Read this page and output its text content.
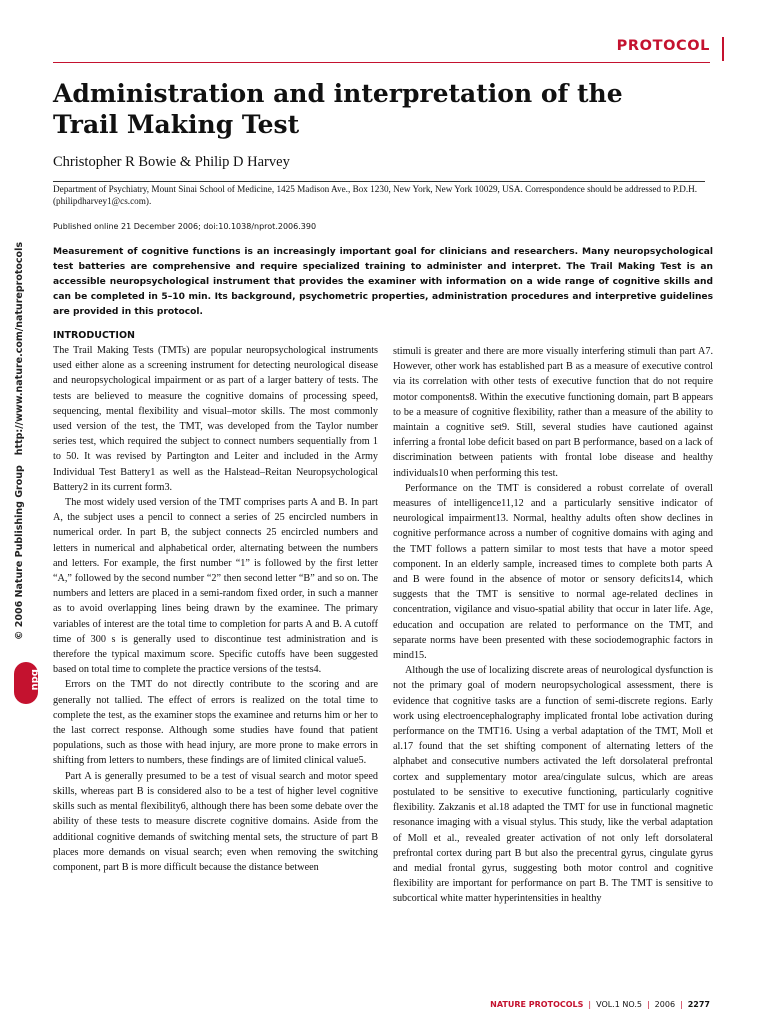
PROTOCOL
Administration and interpretation of the Trail Making Test
Christopher R Bowie & Philip D Harvey
Department of Psychiatry, Mount Sinai School of Medicine, 1425 Madison Ave., Box 1230, New York, New York 10029, USA. Correspondence should be addressed to P.D.H. (philipdharvey1@cs.com).
Published online 21 December 2006; doi:10.1038/nprot.2006.390
Measurement of cognitive functions is an increasingly important goal for clinicians and researchers. Many neuropsychological test batteries are comprehensive and require specialized training to administer and interpret. The Trail Making Test is an accessible neuropsychological instrument that provides the examiner with information on a wide range of cognitive skills and can be completed in 5–10 min. Its background, psychometric properties, administration procedures and interpretive guidelines are provided in this protocol.
© 2006 Nature Publishing Group   http://www.nature.com/natureprotocols
npg
INTRODUCTION

The Trail Making Tests (TMTs) are popular neuropsychological instruments used either alone as a screening instrument for detecting neurological disease and neuropsychological impairment or as part of a larger battery of tests. The tests are believed to measure the cognitive domains of processing speed, sequencing, mental flexibility and visual–motor skills. The most commonly used version of the test, the TMT, was developed from the Taylor number series test, which required the subject to connect numbers sequentially from 1 to 50. It was revised by Partington and Leiter and included in the Army Individual Test Battery1 as well as the Halstead–Reitan Neuropsychological Battery2 in its current form3.

The most widely used version of the TMT comprises parts A and B. In part A, the subject uses a pencil to connect a series of 25 encircled numbers in numerical order. In part B, the subject connects 25 encircled numbers and letters in numerical and alphabetical order, alternating between the numbers and letters. For example, the first number “1” is followed by the first letter “A,” followed by the second number “2” then second letter “B” and so on. The numbers and letters are placed in a semi-random fixed order, in such a manner as to avoid overlapping lines being drawn by the examinee. The primary variables of interest are the total time to completion for parts A and B. A cutoff time of 300 s is generally used to discontinue test administration and is therefore the typical maximum score. Specific cutoffs have been suggested based on total time to complete the practice versions of the tests4.

Errors on the TMT do not directly contribute to the scoring and are generally not tallied. The effect of errors is realized on the total time to complete the test, as the examiner stops the examinee and returns him or her to the last correct response. Although some studies have found that patient populations, such as those with head injury, are more prone to make errors in shifting from letters to numbers, these findings are of limited clinical value5.

Part A is generally presumed to be a test of visual search and motor speed skills, whereas part B is considered also to be a test of higher level cognitive skills such as mental flexibility6, although there has been some debate over the ability of these tests to measure discrete cognitive domains. Aside from the additional cognitive demands of switching mental sets, the structure of part B places more demands on visual search; even when removing the switching component, part B is more difficult because the distance between

stimuli is greater and there are more visually interfering stimuli than part A7. However, other work has established part B as a measure of executive control via its correlation with other tests of executive function that do not require motor components8. Within the executive functioning domain, part B appears to be a measure of cognitive flexibility, rather than a measure of the ability to maintain a cognitive set9. Still, several studies have cautioned against inferring a frontal lobe deficit based on part B performance, based on a lack of discrimination between patients with frontal lobe disease and healthy individuals10 when performing this test.

Performance on the TMT is considered a robust correlate of overall measures of intelligence11,12 and a particularly sensitive indicator of neurological impairment13. Normal, healthy adults often show declines in cognitive performance across a number of cognitive domains with aging and the TMT follows a pattern similar to most tests that have a motor speed component. In an elderly sample, increased times to complete both parts A and B were found in the absence of motor or sensory deficits14, which suggests that the TMT is sensitive to normal age-related declines in concentration, vigilance and visuo-spatial ability that occur in later life. Age, education and occupation are related to performance on the TMT, and separate norms have been presented with these sociodemographic factors in mind15.

Although the use of localizing discrete areas of neurological dysfunction is not the primary goal of modern neuropsychological assessment, there is evidence that cognitive tasks are a function of semi-discrete regions. Early work using electroencephalography implicated frontal lobe activation during performance on the TMT16. Using a verbal adaptation of the TMT, Moll et al.17 found that the set shifting component of alternating letters of the alphabet and consecutive numbers activated the left dorsolateral prefrontal cortex and supplementary motor area/cingulate sulcus, which are areas postulated to be sensitive to executive functioning, particularly cognitive flexibility. Zakzanis et al.18 adapted the TMT for use in functional magnetic resonance imaging with a visual stylus. This study, like the verbal adaptation of Moll et al., revealed greater activation of not only left dorsolateral prefrontal cortex during part B but also the precentral gyrus, cingulate gyrus and medial frontal gyrus, suggesting both motor control and cognitive flexibility are important for performance on part B. The TMT is sensitive to subcortical white matter hyperintensities in healthy

NATURE PROTOCOLS | VOL.1 NO.5 | 2006 | 2277
